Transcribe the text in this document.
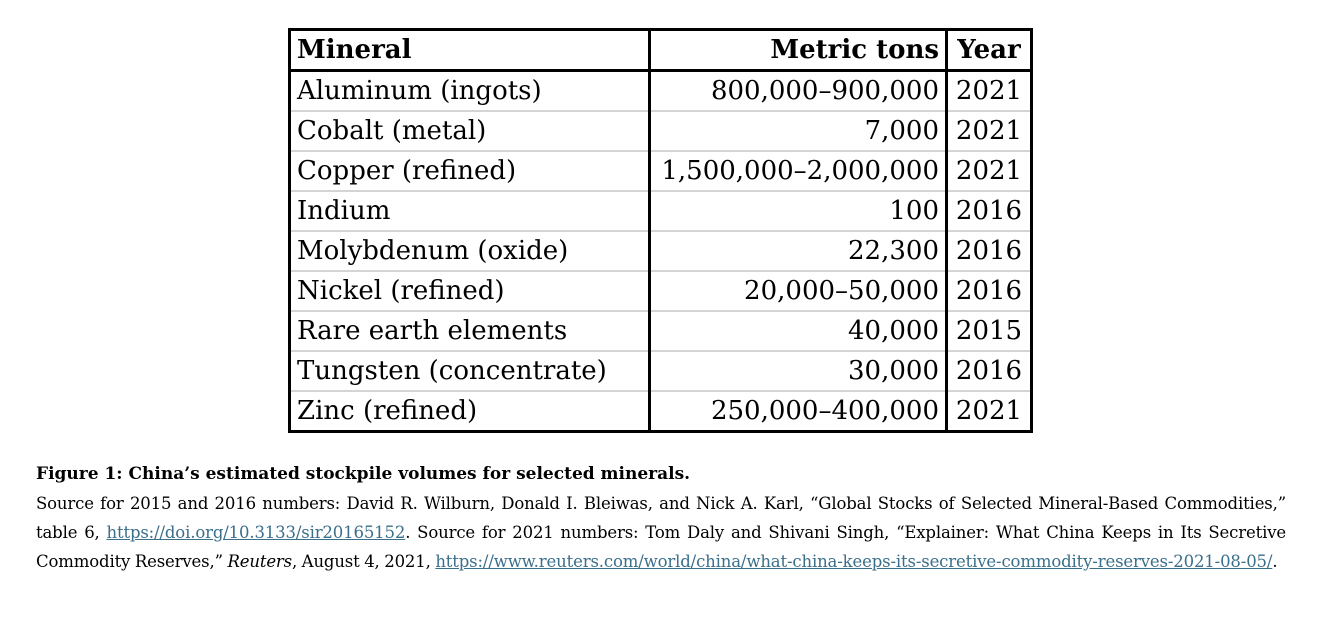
Mineral	Metric tons	Year
Aluminum (ingots)	800,000–900,000	2021
Cobalt (metal)	7,000	2021
Copper (refined)	1,500,000–2,000,000	2021
Indium	100	2016
Molybdenum (oxide)	22,300	2016
Nickel (refined)	20,000–50,000	2016
Rare earth elements	40,000	2015
Tungsten (concentrate)	30,000	2016
Zinc (refined)	250,000–400,000	2021
Figure 1: China’s estimated stockpile volumes for selected minerals.

Source for 2015 and 2016 numbers: David R. Wilburn, Donald I. Bleiwas, and Nick A. Karl, “Global Stocks of Selected Mineral-Based Commodities,” table 6, https://doi.org/10.3133/sir20165152. Source for 2021 numbers: Tom Daly and Shivani Singh, “Explainer: What China Keeps in Its Secretive Commodity Reserves,” Reuters, August 4, 2021, https://www.reuters.com/world/china/what-china-keeps-its-secretive-commodity-reserves-2021-08-05/.
